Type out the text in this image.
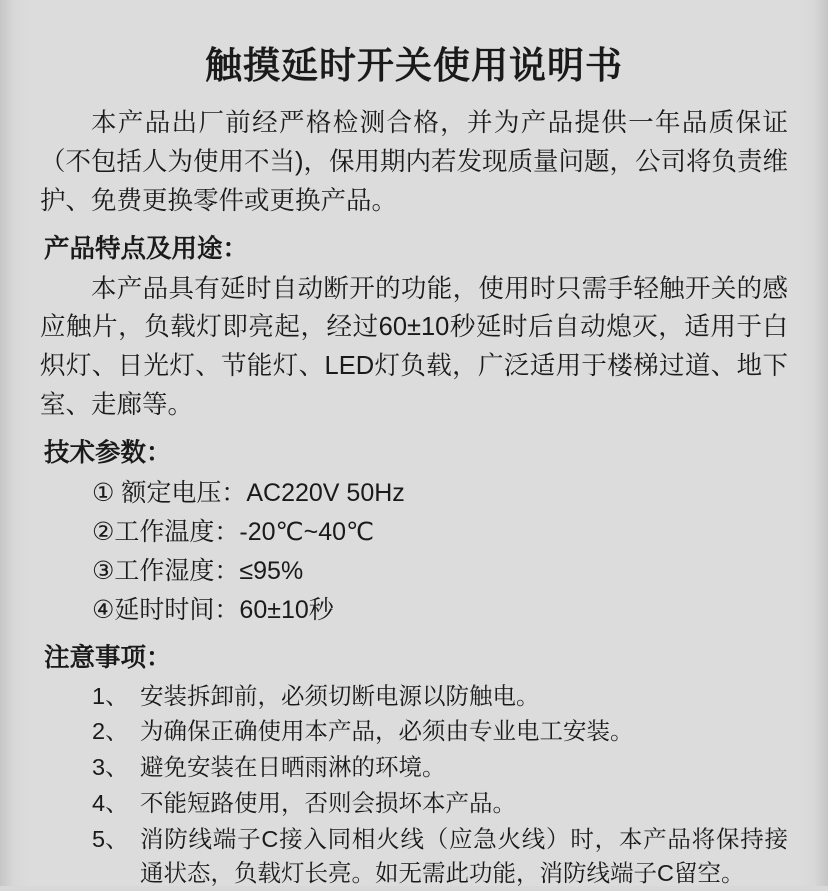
触摸延时开关使用说明书

本产品出厂前经严格检测合格，并为产品提供一年品质保证（不包括人为使用不当)，保用期内若发现质量问题，公司将负责维护、免费更换零件或更换产品。

产品特点及用途：

本产品具有延时自动断开的功能，使用时只需手轻触开关的感应触片，负载灯即亮起，经过60±10秒延时后自动熄灭，适用于白炽灯、日光灯、节能灯、LED灯负载，广泛适用于楼梯过道、地下室、走廊等。

技术参数：
① 额定电压：AC220V 50Hz
②工作温度：-20℃~40℃
③工作湿度：≤95%
④延时时间：60±10秒
注意事项：
1、 安装拆卸前，必须切断电源以防触电。
2、 为确保正确使用本产品，必须由专业电工安装。
3、 避免安装在日晒雨淋的环境。
4、 不能短路使用，否则会损坏本产品。
5、 消防线端子C接入同相火线（应急火线）时，本产品将保持接通状态，负载灯长亮。如无需此功能，消防线端子C留空。
